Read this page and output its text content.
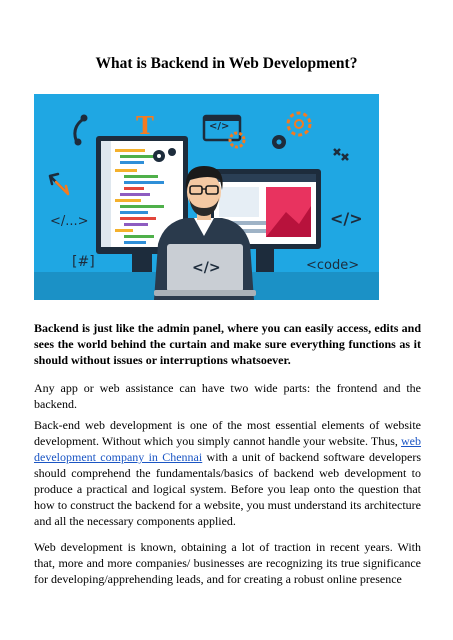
What is Backend in Web Development?
</...>	</>
[#]	<code>
</>
</>
T

Backend is just like the admin panel, where you can easily access, edits and sees the world behind the curtain and make sure everything functions as it should without issues or interruptions whatsoever.

Any app or web assistance can have two wide parts: the frontend and the backend.

Back-end web development is one of the most essential elements of website development. Without which you simply cannot handle your website. Thus, web development company in Chennai with a unit of backend software developers should comprehend the fundamentals/basics of backend web development to produce a practical and logical system. Before you leap onto the question that how to construct the backend for a website, you must understand its architecture and all the necessary components applied.

Web development is known, obtaining a lot of traction in recent years. With that, more and more companies/ businesses are recognizing its true significance for developing/apprehending leads, and for creating a robust online presence
